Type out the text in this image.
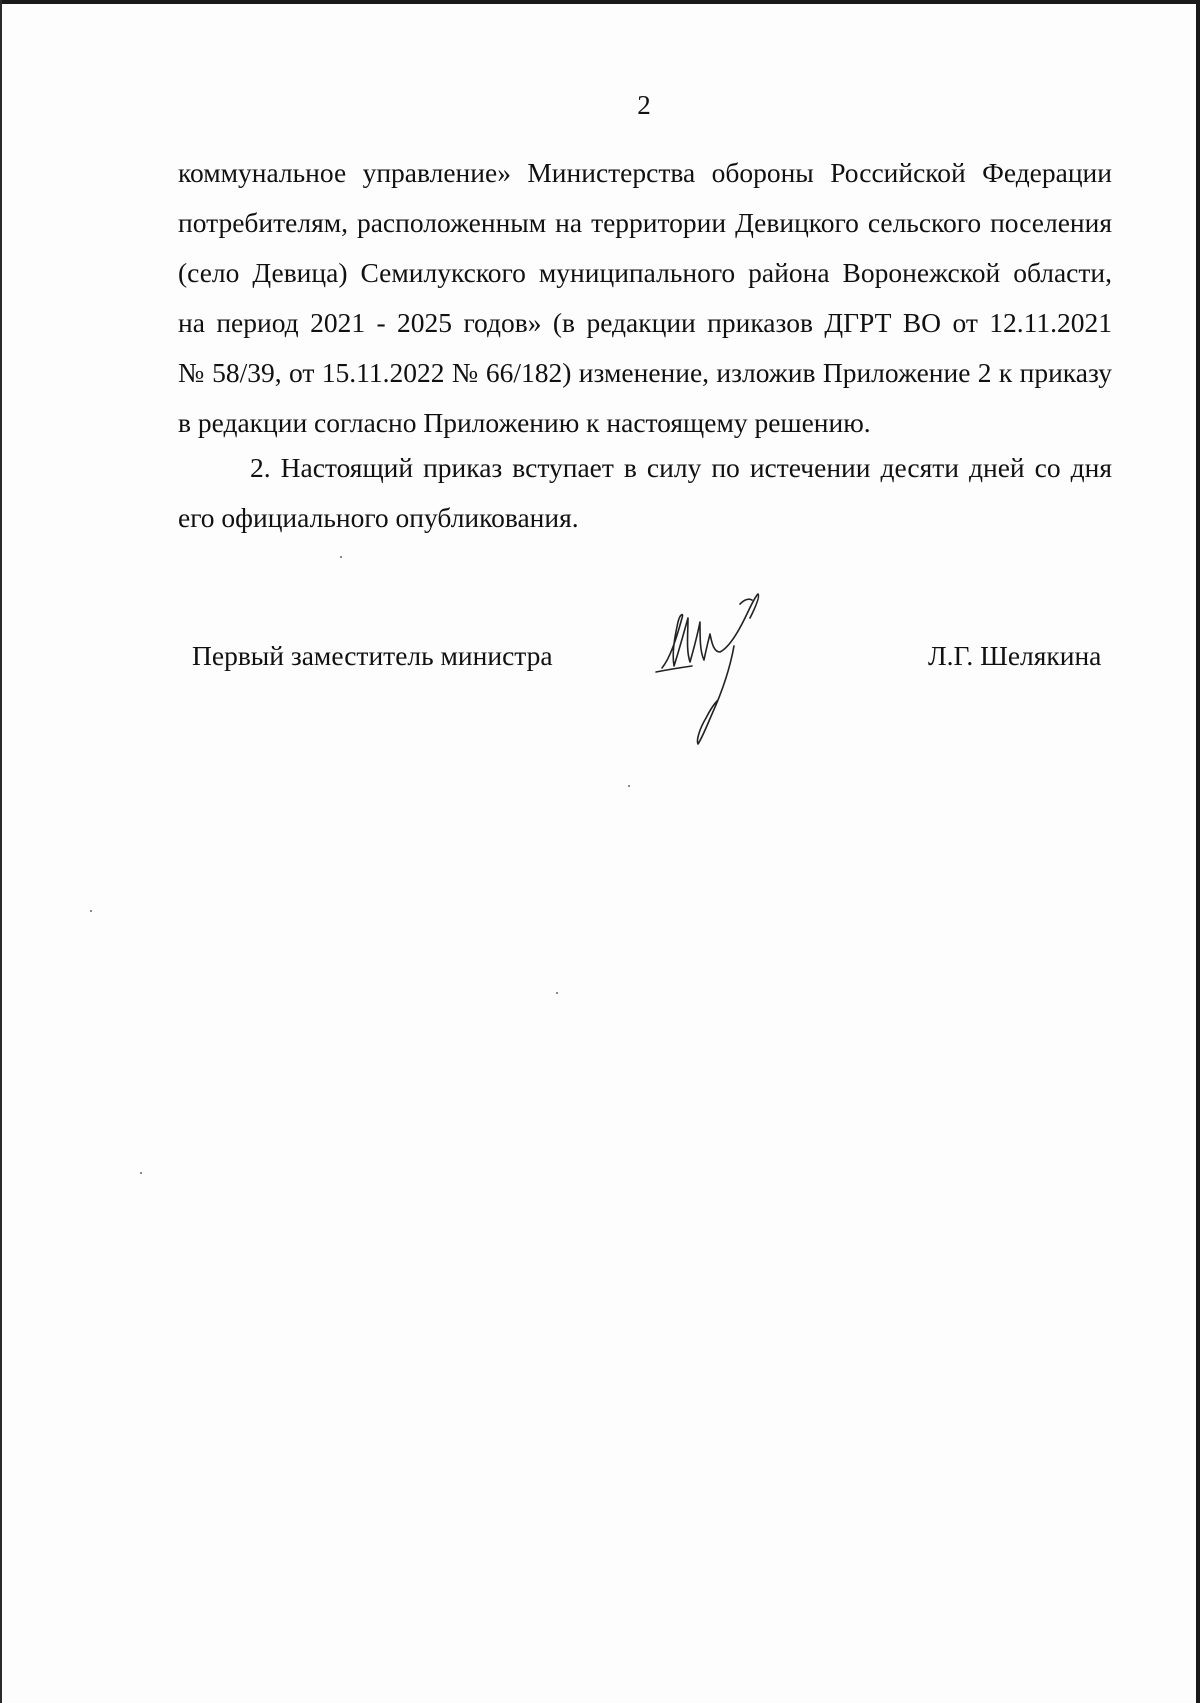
2
коммунальное управление» Министерства обороны Российской Федерации
потребителям, расположенным на территории Девицкого сельского поселения
(село Девица) Семилукского муниципального района Воронежской области,
на период 2021 - 2025 годов» (в редакции приказов ДГРТ ВО от 12.11.2021
№ 58/39, от 15.11.2022 № 66/182) изменение, изложив Приложение 2 к приказу
в редакции согласно Приложению к настоящему решению.
2. Настоящий приказ вступает в силу по истечении десяти дней со дня
его официального опубликования.
Первый заместитель министра	Л.Г. Шелякина
